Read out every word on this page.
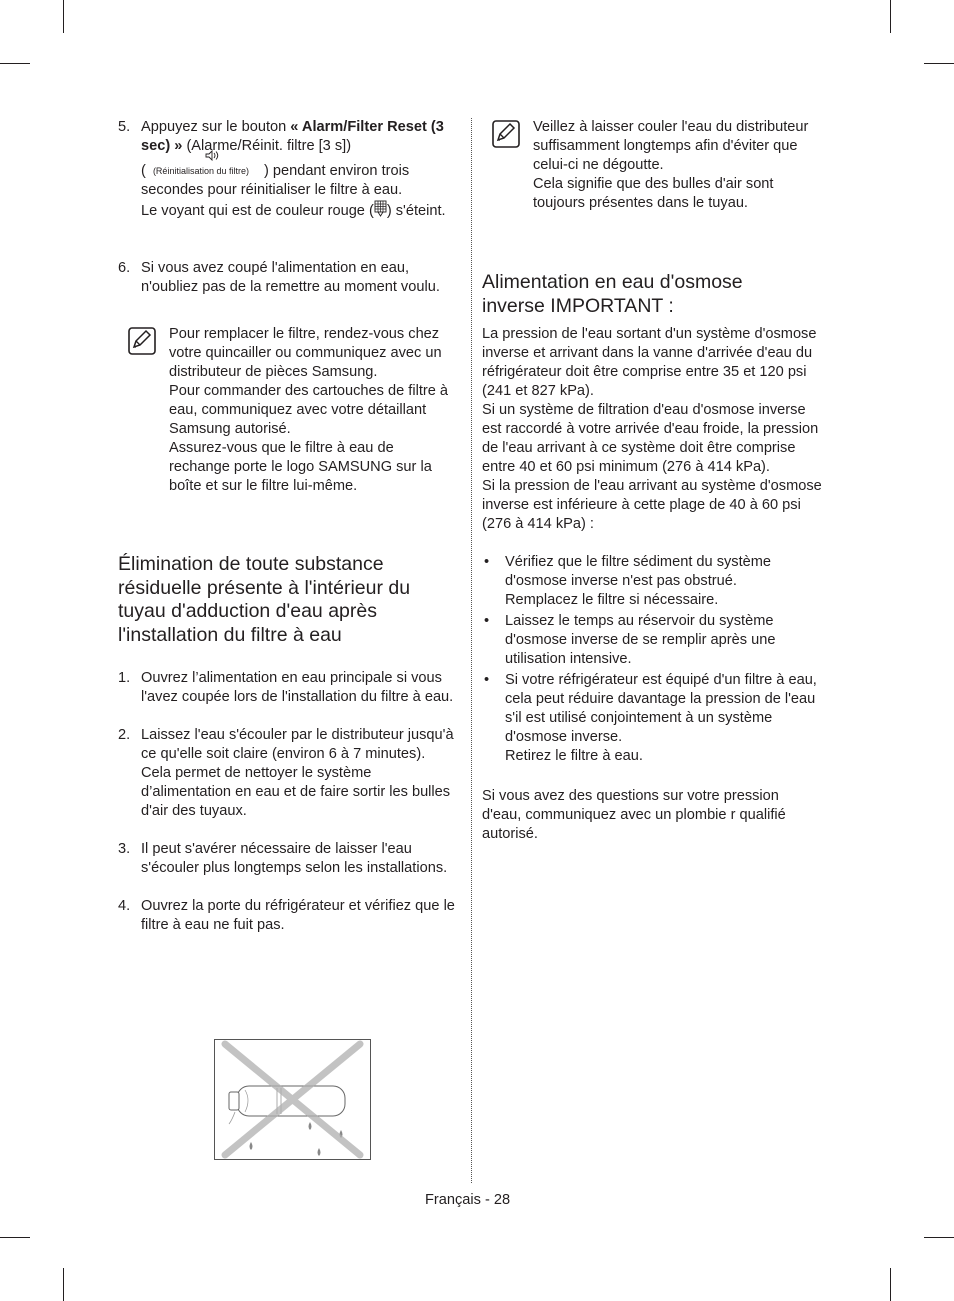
5. Appuyez sur le bouton « Alarm/Filter Reset (3 sec) » (Alarme/Réinit. filtre [3 s])
( (Réinitialisation du filtre) ) pendant environ trois secondes pour réinitialiser le filtre à eau.
Le voyant qui est de couleur rouge ( ) s'éteint.

6. Si vous avez coupé l'alimentation en eau, n'oubliez pas de la remettre au moment voulu.

Pour remplacer le filtre, rendez-vous chez votre quincailler ou communiquez avec un distributeur de pièces Samsung.

Pour commander des cartouches de filtre à eau, communiquez avec votre détaillant Samsung autorisé.

Assurez-vous que le filtre à eau de rechange porte le logo SAMSUNG sur la boîte et sur le filtre lui-même.

Élimination de toute substance résiduelle présente à l'intérieur du tuyau d'adduction d'eau après l'installation du filtre à eau
1. Ouvrez l’alimentation en eau principale si vous l'avez coupée lors de l'installation du filtre à eau.

2. Laissez l'eau s'écouler par le distributeur jusqu'à ce qu'elle soit claire (environ 6 à 7 minutes).

Cela permet de nettoyer le système d’alimentation en eau et de faire sortir les bulles d'air des tuyaux.

3. Il peut s'avérer nécessaire de laisser l'eau s'écouler plus longtemps selon les installations.

4. Ouvrez la porte du réfrigérateur et vérifiez que le filtre à eau ne fuit pas.

Veillez à laisser couler l'eau du distributeur suffisamment longtemps afin d'éviter que celui-ci ne dégoutte.

Cela signifie que des bulles d'air sont toujours présentes dans le tuyau.

Alimentation en eau d'osmose inverse IMPORTANT :

La pression de l'eau sortant d'un système d'osmose inverse et arrivant dans la vanne d'arrivée d'eau du réfrigérateur doit être comprise entre 35 et 120 psi (241 et 827 kPa).

Si un système de filtration d'eau d'osmose inverse est raccordé à votre arrivée d'eau froide, la pression de l'eau arrivant à ce système doit être comprise entre 40 et 60 psi minimum (276 à 414 kPa).

Si la pression de l'eau arrivant au système d'osmose inverse est inférieure à cette plage de 40 à 60 psi (276 à 414 kPa) :

• Vérifiez que le filtre sédiment du système d'osmose inverse n'est pas obstrué.

Remplacez le filtre si nécessaire.

• Laissez le temps au réservoir du système d'osmose inverse de se remplir après une utilisation intensive.

• Si votre réfrigérateur est équipé d'un filtre à eau, cela peut réduire davantage la pression de l'eau s'il est utilisé conjointement à un système d'osmose inverse.

Retirez le filtre à eau.

Si vous avez des questions sur votre pression d'eau, communiquez avec un plombie r qualifié autorisé.

Français - 28
